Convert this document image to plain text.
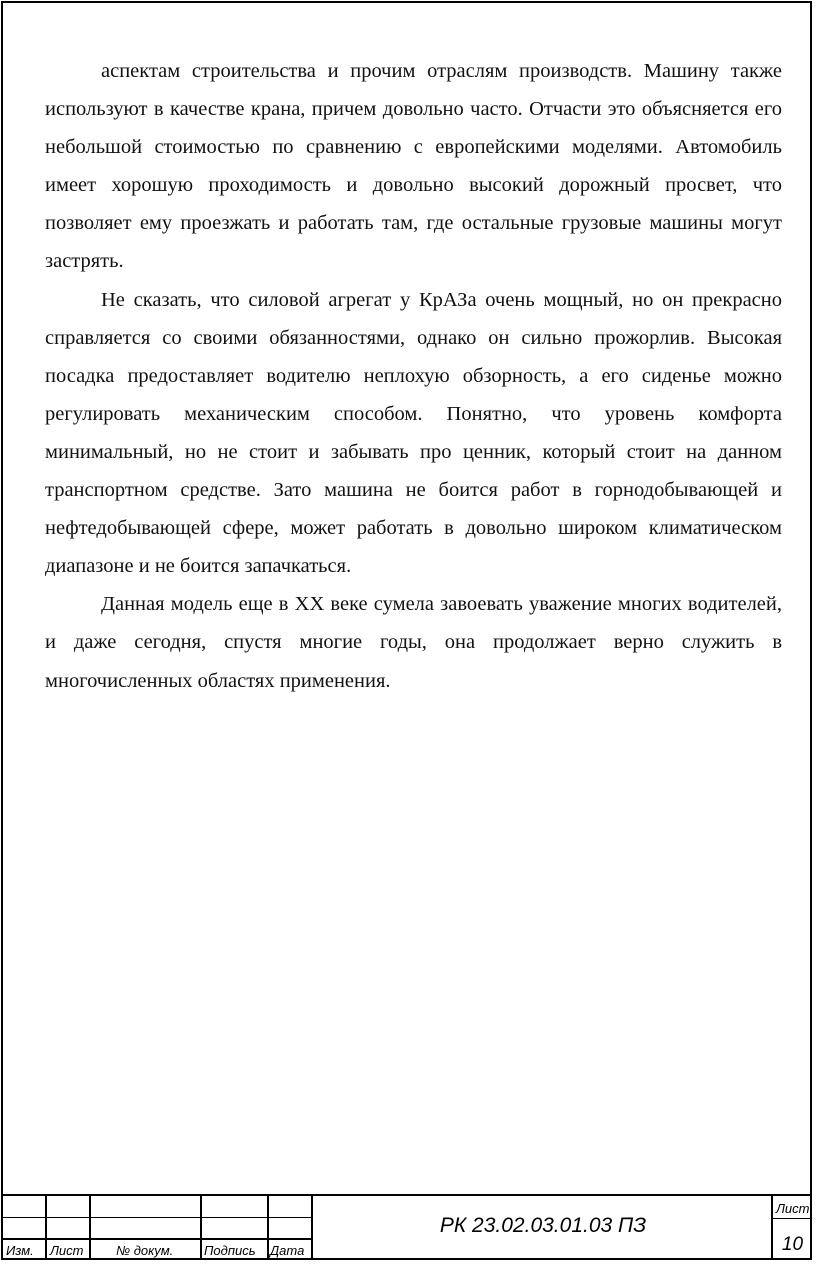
аспектам строительства и прочим отраслям производств. Машину также используют в качестве крана, причем довольно часто. Отчасти это объясняется его небольшой стоимостью по сравнению с европейскими моделями. Автомобиль имеет хорошую проходимость и довольно высокий дорожный просвет, что позволяет ему проезжать и работать там, где остальные грузовые машины могут застрять.

Не сказать, что силовой агрегат у КрАЗа очень мощный, но он прекрасно справляется со своими обязанностями, однако он сильно прожорлив. Высокая посадка предоставляет водителю неплохую обзорность, а его сиденье можно регулировать механическим способом. Понятно, что уровень комфорта минимальный, но не стоит и забывать про ценник, который стоит на данном транспортном средстве. Зато машина не боится работ в горнодобывающей и нефтедобывающей сфере, может работать в довольно широком климатическом диапазоне и не боится запачкаться.

Данная модель еще в XX веке сумела завоевать уважение многих водителей, и даже сегодня, спустя многие годы, она продолжает верно служить в многочисленных областях применения.

Изм. Лист	№ докум. Подпись Дата
РК 23.02.03.01.03 ПЗ
Лист
10
